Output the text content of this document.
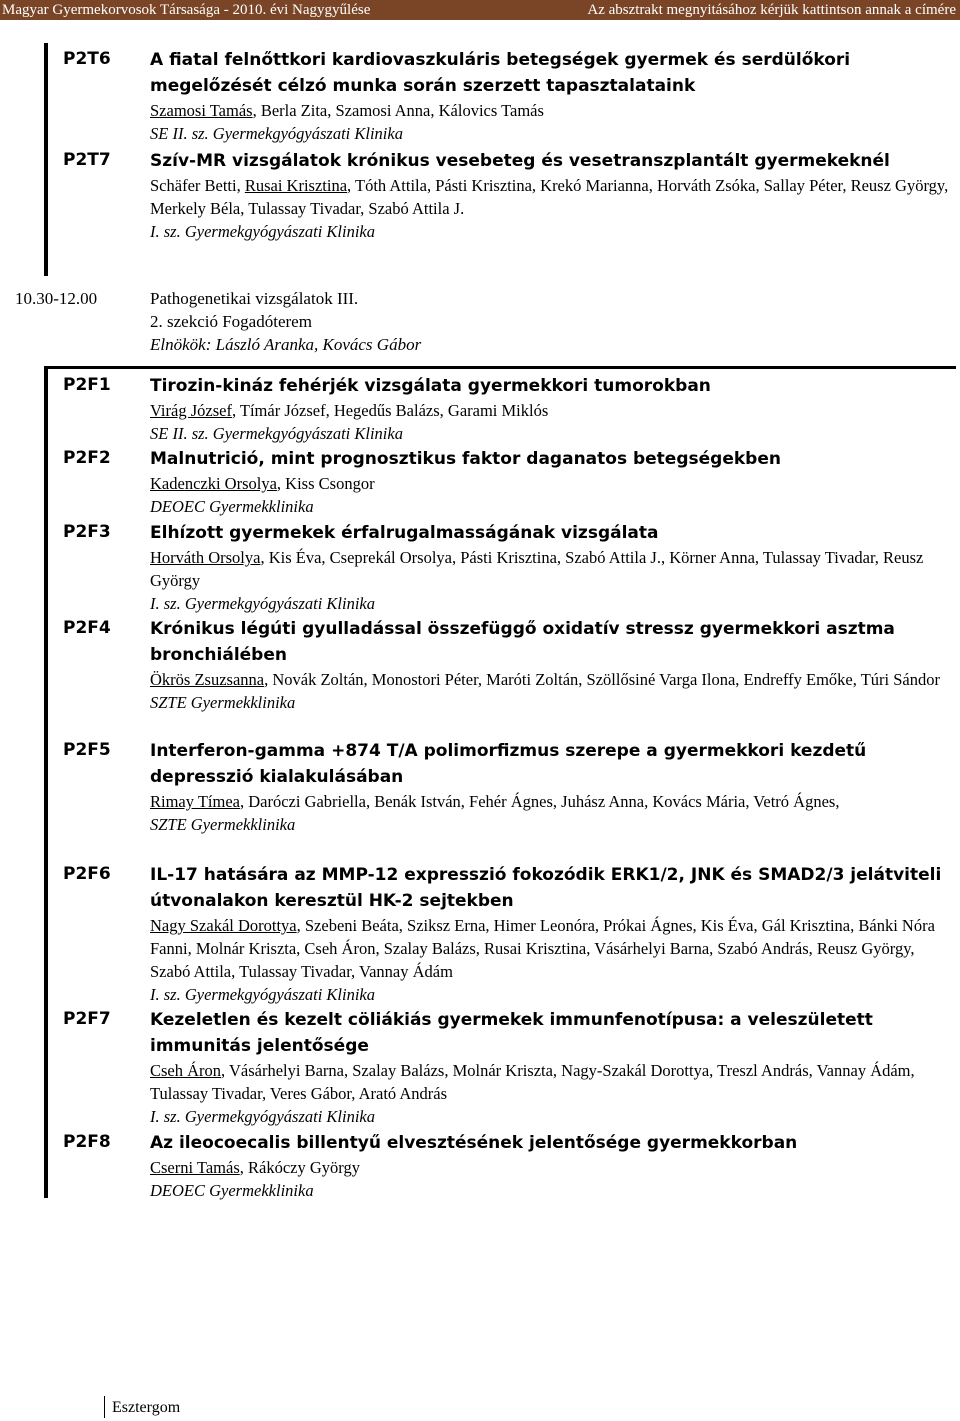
Magyar Gyermekorvosok Társasága - 2010. évi Nagygyűlése	Az absztrakt megnyitásához kérjük kattintson annak a címére
P2T6 A fiatal felnőttkori kardiovaszkuláris betegségek gyermek és serdülőkori megelőzését célzó munka során szerzett tapasztalataink
Szamosi Tamás, Berla Zita, Szamosi Anna, Kálovics Tamás
SE II. sz. Gyermekgyógyászati Klinika
P2T7 Szív-MR vizsgálatok krónikus vesebeteg és vesetranszplantált gyermekeknél
Schäfer Betti, Rusai Krisztina, Tóth Attila, Pásti Krisztina, Krekó Marianna, Horváth Zsóka, Sallay Péter, Reusz György, Merkely Béla, Tulassay Tivadar, Szabó Attila J.
I. sz. Gyermekgyógyászati Klinika
10.30-12.00	Pathogenetikai vizsgálatok III.
2. szekció Fogadóterem
Elnökök: László Aranka, Kovács Gábor
P2F1 Tirozin-kináz fehérjék vizsgálata gyermekkori tumorokban
Virág József, Tímár József, Hegedűs Balázs, Garami Miklós
SE II. sz. Gyermekgyógyászati Klinika
P2F2 Malnutrició, mint prognosztikus faktor daganatos betegségekben
Kadenczki Orsolya, Kiss Csongor
DEOEC Gyermekklinika
P2F3 Elhízott gyermekek érfalrugalmasságának vizsgálata
Horváth Orsolya, Kis Éva, Cseprekál Orsolya, Pásti Krisztina, Szabó Attila J., Körner Anna, Tulassay Tivadar, Reusz György
I. sz. Gyermekgyógyászati Klinika
P2F4 Krónikus légúti gyulladással összefüggő oxidatív stressz gyermekkori asztma bronchiálében
Ökrös Zsuzsanna, Novák Zoltán, Monostori Péter, Maróti Zoltán, Szöllősiné Varga Ilona, Endreffy Emőke, Túri Sándor
SZTE Gyermekklinika
P2F5 Interferon-gamma +874 T/A polimorfizmus szerepe a gyermekkori kezdetű depresszió kialakulásában
Rimay Tímea, Daróczi Gabriella, Benák István, Fehér Ágnes, Juhász Anna, Kovács Mária, Vetró Ágnes,
SZTE Gyermekklinika
P2F6 IL-17 hatására az MMP-12 expresszió fokozódik ERK1/2, JNK és SMAD2/3 jelátviteli útvonalakon keresztül HK-2 sejtekben
Nagy Szakál Dorottya, Szebeni Beáta, Sziksz Erna, Himer Leonóra, Prókai Ágnes, Kis Éva, Gál Krisztina, Bánki Nóra Fanni, Molnár Kriszta, Cseh Áron, Szalay Balázs, Rusai Krisztina, Vásárhelyi Barna, Szabó András, Reusz György, Szabó Attila, Tulassay Tivadar, Vannay Ádám
I. sz. Gyermekgyógyászati Klinika
P2F7 Kezeletlen és kezelt cöliákiás gyermekek immunfenotípusa: a veleszületett immunitás jelentősége
Cseh Áron, Vásárhelyi Barna, Szalay Balázs, Molnár Kriszta, Nagy-Szakál Dorottya, Treszl András, Vannay Ádám, Tulassay Tivadar, Veres Gábor, Arató András
I. sz. Gyermekgyógyászati Klinika
P2F8 Az ileocoecalis billentyű elvesztésének jelentősége gyermekkorban
Cserni Tamás, Rákóczy György
DEOEC Gyermekklinika
Esztergom
